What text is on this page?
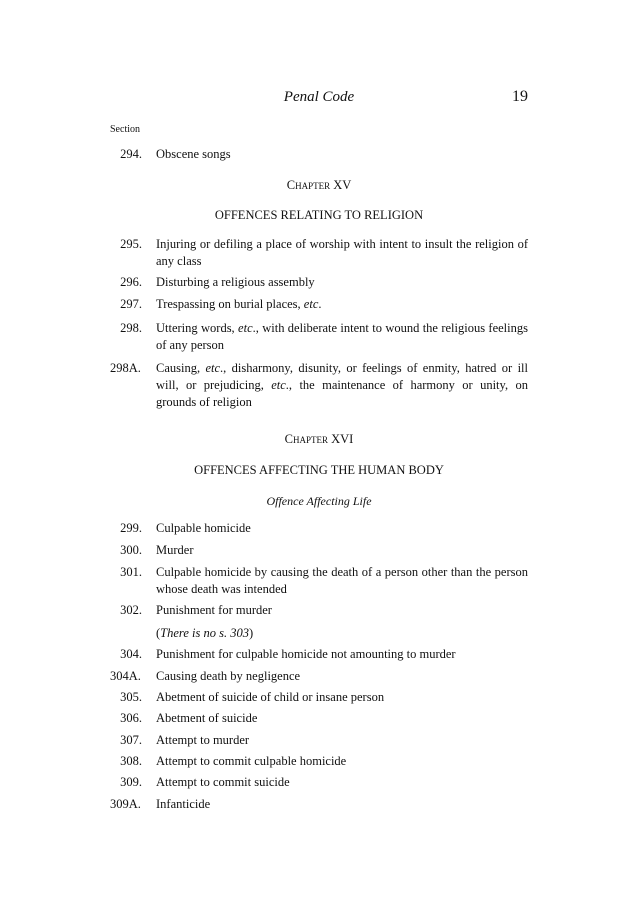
Penal Code	19
Section
294. Obscene songs
Chapter XV
OFFENCES RELATING TO RELIGION
295. Injuring or defiling a place of worship with intent to insult the religion of any class
296. Disturbing a religious assembly
297. Trespassing on burial places, etc.
298. Uttering words, etc., with deliberate intent to wound the religious feelings of any person
298A. Causing, etc., disharmony, disunity, or feelings of enmity, hatred or ill will, or prejudicing, etc., the maintenance of harmony or unity, on grounds of religion
Chapter XVI
OFFENCES AFFECTING THE HUMAN BODY
Offence Affecting Life
299. Culpable homicide
300. Murder
301. Culpable homicide by causing the death of a person other than the person whose death was intended
302. Punishment for murder
(There is no s. 303)
304. Punishment for culpable homicide not amounting to murder
304A. Causing death by negligence
305. Abetment of suicide of child or insane person
306. Abetment of suicide
307. Attempt to murder
308. Attempt to commit culpable homicide
309. Attempt to commit suicide
309A. Infanticide
